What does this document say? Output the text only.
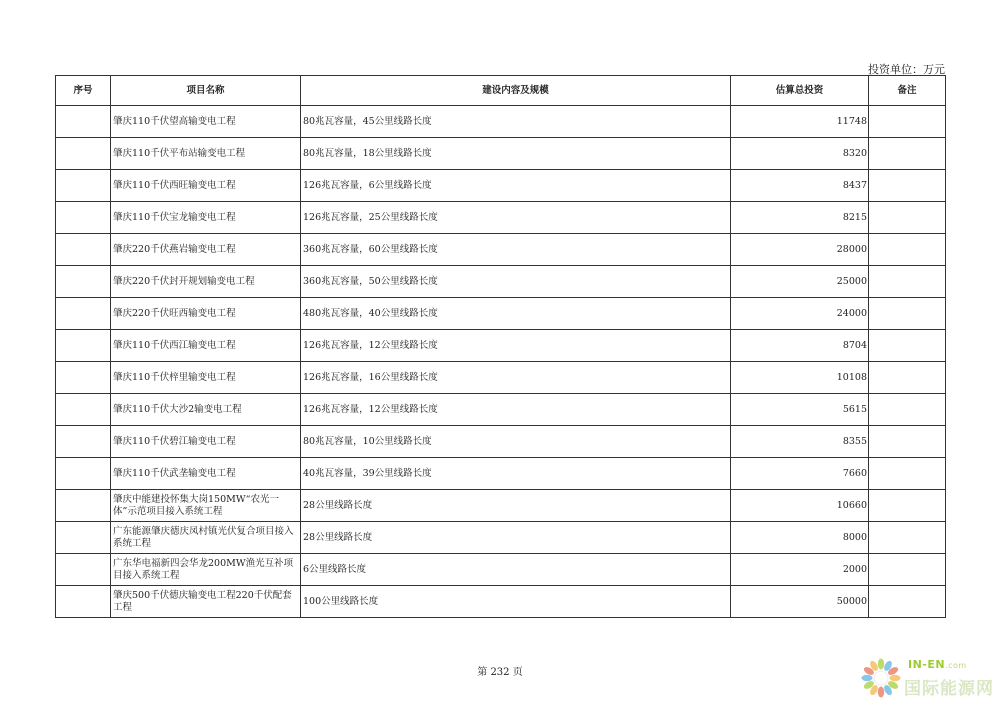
投资单位：万元
序号	项目名称	建设内容及规模	估算总投资	备注
	肇庆110千伏望高输变电工程	80兆瓦容量，45公里线路长度	11748	
	肇庆110千伏平布站输变电工程	80兆瓦容量，18公里线路长度	8320	
	肇庆110千伏西旺输变电工程	126兆瓦容量，6公里线路长度	8437	
	肇庆110千伏宝龙输变电工程	126兆瓦容量，25公里线路长度	8215	
	肇庆220千伏燕岩输变电工程	360兆瓦容量，60公里线路长度	28000	
	肇庆220千伏封开规划输变电工程	360兆瓦容量，50公里线路长度	25000	
	肇庆220千伏旺西输变电工程	480兆瓦容量，40公里线路长度	24000	
	肇庆110千伏西江输变电工程	126兆瓦容量，12公里线路长度	8704	
	肇庆110千伏梓里输变电工程	126兆瓦容量，16公里线路长度	10108	
	肇庆110千伏大沙2输变电工程	126兆瓦容量，12公里线路长度	5615	
	肇庆110千伏碧江输变电工程	80兆瓦容量，10公里线路长度	8355	
	肇庆110千伏武垄输变电工程	40兆瓦容量，39公里线路长度	7660	
	肇庆中能建投怀集大岗150MW“农光一体”示范项目接入系统工程	28公里线路长度	10660	
	广东能源肇庆德庆凤村镇光伏复合项目接入系统工程	28公里线路长度	8000	
	广东华电福新四会华龙200MW渔光互补项目接入系统工程	6公里线路长度	2000	
	肇庆500千伏德庆输变电工程220千伏配套工程	100公里线路长度	50000	
第 232 页
IN-EN.com
国际能源网
